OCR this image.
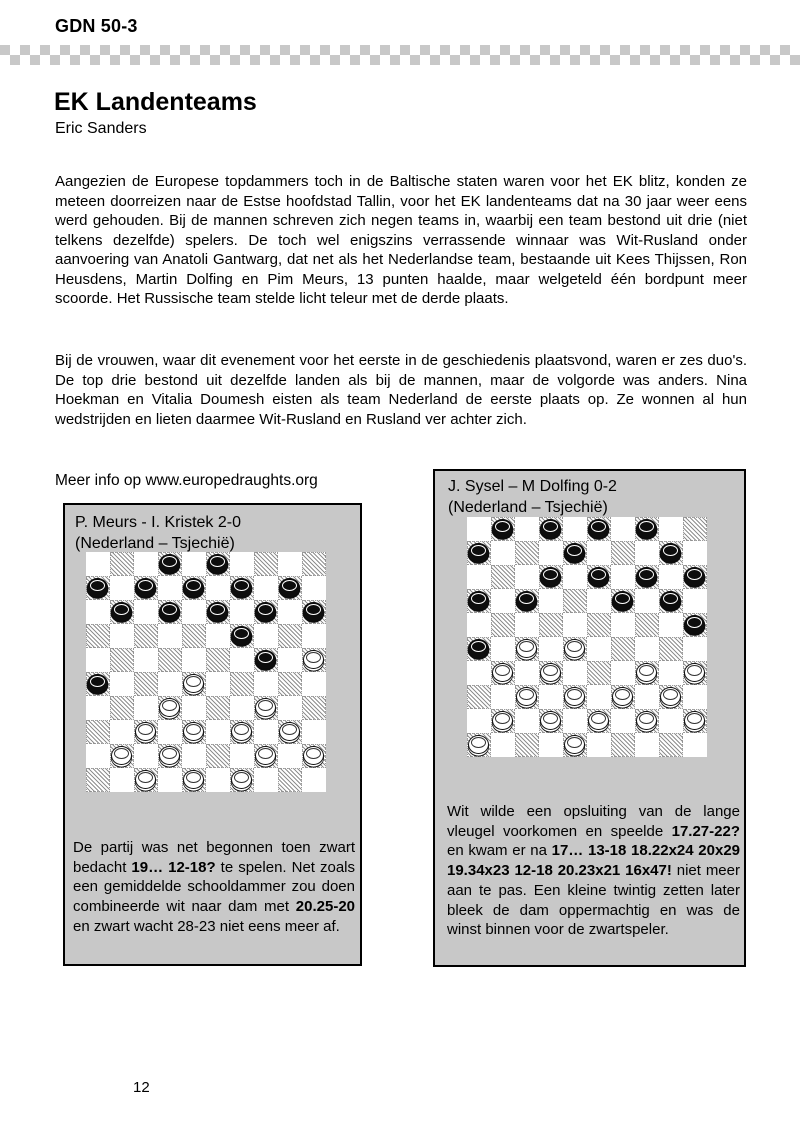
GDN 50-3
EK Landenteams
Eric Sanders

Aangezien de Europese topdammers toch in de Baltische staten waren voor het EK blitz, konden ze meteen doorreizen naar de Estse hoofdstad Tallin, voor het EK landenteams dat na 30 jaar weer eens werd gehouden. Bij de mannen schreven zich negen teams in, waarbij een team bestond uit drie (niet telkens dezelfde) spelers. De toch wel enigszins verrassende winnaar was Wit-Rusland onder aanvoering van Anatoli Gantwarg, dat net als het Nederlandse team, bestaande uit Kees Thijssen, Ron Heusdens, Martin Dolfing en Pim Meurs, 13 punten haalde, maar welgeteld één bordpunt meer scoorde. Het Russische team stelde licht teleur met de derde plaats.

Bij de vrouwen, waar dit evenement voor het eerste in de geschiedenis plaatsvond, waren er zes duo's. De top drie bestond uit dezelfde landen als bij de mannen, maar de volgorde was anders. Nina Hoekman en Vitalia Doumesh eisten als team Nederland de eerste plaats op. Ze wonnen al hun wedstrijden en lieten daarmee Wit-Rusland en Rusland ver achter zich.

Meer info op www.europedraughts.org
P. Meurs - I. Kristek 2-0
(Nederland – Tsjechië)

De partij was net begonnen toen zwart bedacht 19… 12-18? te spelen. Net zoals een gemiddelde schooldammer zou doen combineerde wit naar dam met 20.25-20 en zwart wacht 28-23 niet eens meer af.

J. Sysel – M Dolfing 0-2
(Nederland – Tsjechië)

Wit wilde een opsluiting van de lange vleugel voorkomen en speelde 17.27-22? en kwam er na 17… 13-18 18.22x24 20x29 19.34x23 12-18 20.23x21 16x47! niet meer aan te pas. Een kleine twintig zetten later bleek de dam oppermachtig en was de winst binnen voor de zwartspeler.

12
